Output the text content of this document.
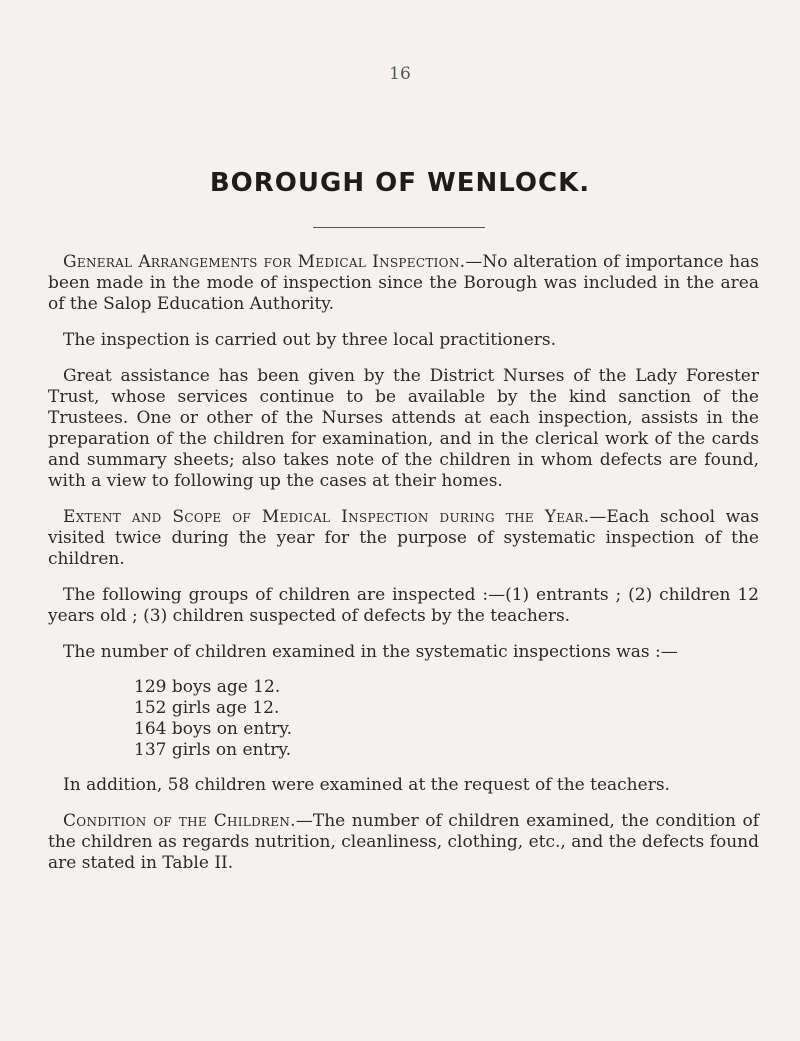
16
BOROUGH OF WENLOCK.

General Arrangements for Medical Inspection.—No alteration of importance has been made in the mode of inspection since the Borough was included in the area of the Salop Education Authority.

The inspection is carried out by three local practitioners.

Great assistance has been given by the District Nurses of the Lady Forester Trust, whose services continue to be available by the kind sanction of the Trustees. One or other of the Nurses attends at each inspection, assists in the preparation of the children for examination, and in the clerical work of the cards and summary sheets; also takes note of the children in whom defects are found, with a view to following up the cases at their homes.

Extent and Scope of Medical Inspection during the Year.—Each school was visited twice during the year for the purpose of systematic inspection of the children.

The following groups of children are inspected :—(1) entrants ; (2) children 12 years old ; (3) children suspected of defects by the teachers.

The number of children examined in the systematic inspections was :—

129 boys age 12.
152 girls age 12.
164 boys on entry.
137 girls on entry.

In addition, 58 children were examined at the request of the teachers.

Condition of the Children.—The number of children examined, the condition of the children as regards nutrition, cleanliness, clothing, etc., and the defects found are stated in Table II.
